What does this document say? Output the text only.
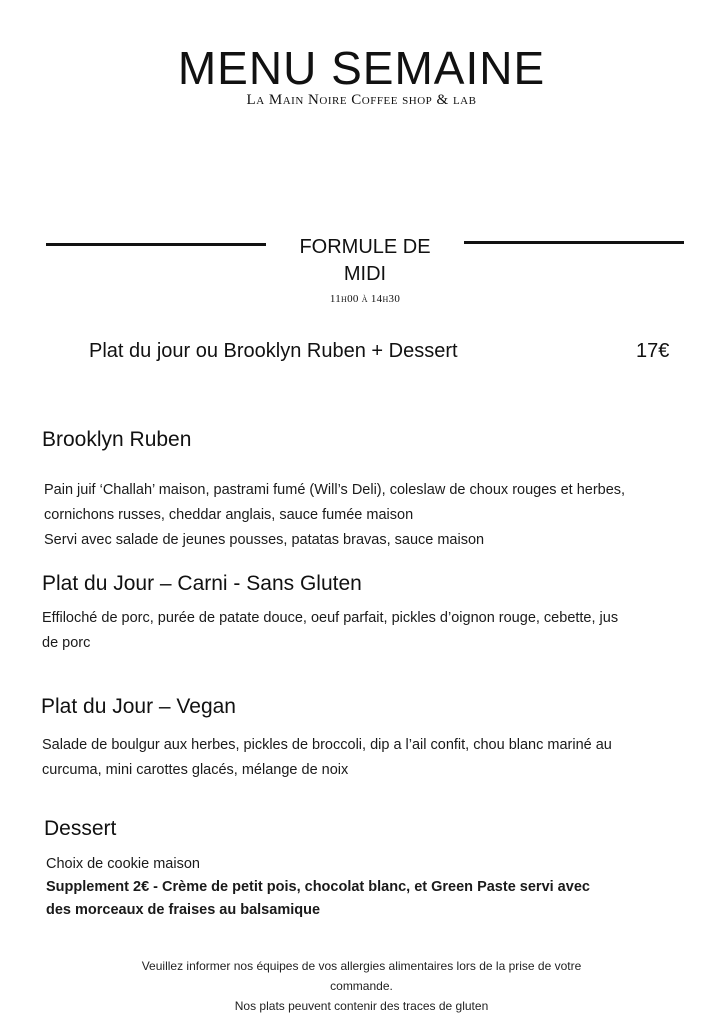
MENU SEMAINE
La Main Noire Coffee shop & lab
FORMULE DE
MIDI
11h00 à 14h30
Plat du jour ou Brooklyn Ruben + Dessert	17€
Brooklyn Ruben
Pain juif ‘Challah’ maison, pastrami fumé (Will’s Deli), coleslaw de choux rouges et herbes,
cornichons russes, cheddar anglais, sauce fumée maison
Servi avec salade de jeunes pousses, patatas bravas, sauce maison
Plat du Jour – Carni - Sans Gluten
Effiloché de porc, purée de patate douce, oeuf parfait, pickles d’oignon rouge, cebette, jus
de porc
Plat du Jour – Vegan
Salade de boulgur aux herbes, pickles de broccoli, dip a l’ail confit, chou blanc mariné au
curcuma, mini carottes glacés, mélange de noix
Dessert
Choix de cookie maison
Supplement 2€ - Crème de petit pois, chocolat blanc, et Green Paste servi avec
des morceaux de fraises au balsamique
Veuillez informer nos équipes de vos allergies alimentaires lors de la prise de votre
commande.
Nos plats peuvent contenir des traces de gluten
